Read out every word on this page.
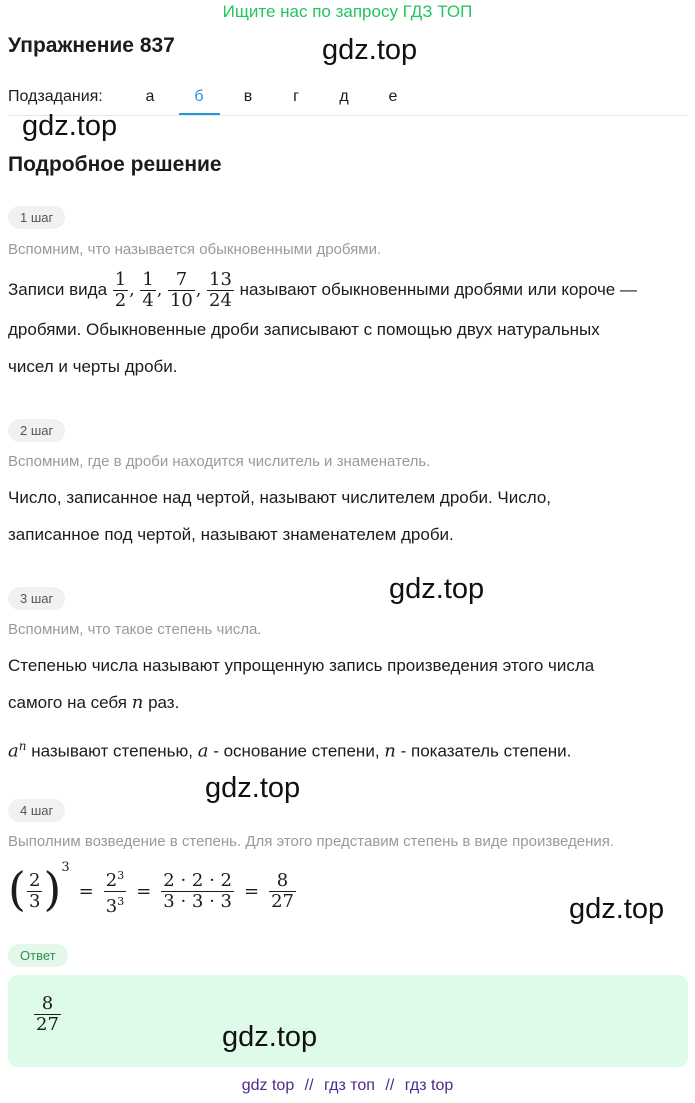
Ищите нас по запросу ГДЗ ТОП
Упражнение 837	gdz.top
Подзадания:	а	б	в	г	д	е
gdz.top
Подробное решение
1 шаг
Вспомним, что называется обыкновенными дробями.
Записи вида $\frac{1}{2}$ , $\frac{1}{4}$ , $\frac{7}{10}$ , $\frac{13}{24}$ называют обыкновенными дробями или короче —
дробями. Обыкновенные дроби записывают с помощью двух натуральных
чисел и черты дроби.
2 шаг
Вспомним, где в дроби находится числитель и знаменатель.
Число, записанное над чертой, называют числителем дроби. Число,
записанное под чертой, называют знаменателем дроби.
3 шаг	gdz.top
Вспомним, что такое степень числа.
Степенью числа называют упрощенную запись произведения этого числа
самого на себя n раз.
$a^n$ называют степенью, a - основание степени, n - показатель степени.
gdz.top
4 шаг
Выполним возведение в степень. Для этого представим степень в виде произведения.
( $\frac{2}{3} )^3$
= $\frac{2^3}{3^3} = \frac{2 \cdot 2 \cdot 2}{3 \cdot 3 \cdot 3} = \frac{8}{27}$	gdz.top
Ответ
$\frac{8}{27}$
gdz.top
gdz top // гдз топ // гдз top
